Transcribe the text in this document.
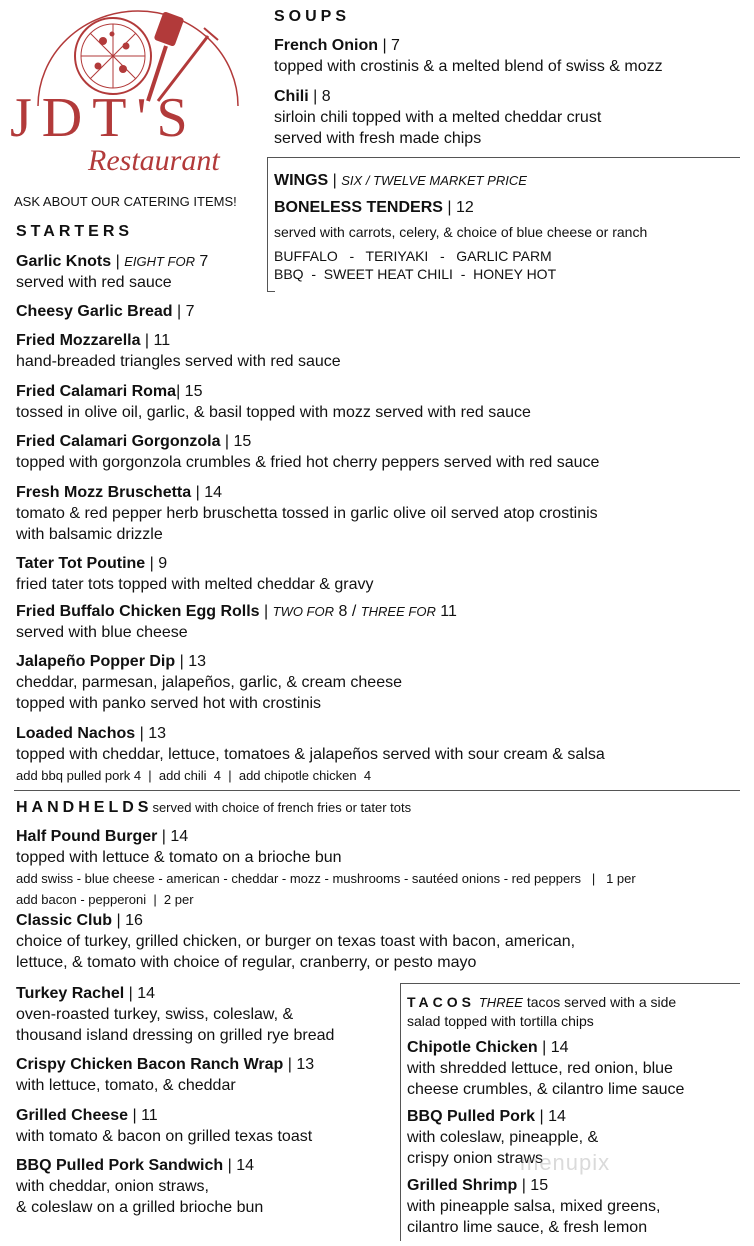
JDT'S
Restaurant
ASK ABOUT OUR CATERING ITEMS!
SOUPS
French Onion | 7
topped with crostinis & a melted blend of swiss & mozz
Chili | 8
sirloin chili topped with a melted cheddar crust
served with fresh made chips
WINGS | SIX / TWELVE MARKET PRICE
BONELESS TENDERS | 12
served with carrots, celery, & choice of blue cheese or ranch
BUFFALO   -   TERIYAKI   -   GARLIC PARM
BBQ  -  SWEET HEAT CHILI  -  HONEY HOT
STARTERS
Garlic Knots | EIGHT FOR 7
served with red sauce
Cheesy Garlic Bread | 7
Fried Mozzarella | 11
hand-breaded triangles served with red sauce
Fried Calamari Roma| 15
tossed in olive oil, garlic, & basil topped with mozz served with red sauce
Fried Calamari Gorgonzola | 15
topped with gorgonzola crumbles & fried hot cherry peppers served with red sauce
Fresh Mozz Bruschetta | 14
tomato & red pepper herb bruschetta tossed in garlic olive oil served atop crostinis
with balsamic drizzle
Tater Tot Poutine | 9
fried tater tots topped with melted cheddar & gravy
Fried Buffalo Chicken Egg Rolls | TWO FOR 8 / THREE FOR 11
served with blue cheese
Jalapeño Popper Dip | 13
cheddar, parmesan, jalapeños, garlic, & cream cheese
topped with panko served hot with crostinis
Loaded Nachos | 13
topped with cheddar, lettuce, tomatoes & jalapeños served with sour cream & salsa
add bbq pulled pork 4  |  add chili  4  |  add chipotle chicken  4
HANDHELDSserved with choice of french fries or tater tots
Half Pound Burger | 14
topped with lettuce & tomato on a brioche bun
add swiss - blue cheese - american - cheddar - mozz - mushrooms - sautéed onions - red peppers   |   1 per
add bacon - pepperoni  |  2 per
Classic Club | 16
choice of turkey, grilled chicken, or burger on texas toast with bacon, american,
lettuce, & tomato with choice of regular, cranberry, or pesto mayo
Turkey Rachel | 14
oven-roasted turkey, swiss, coleslaw, &
thousand island dressing on grilled rye bread
Crispy Chicken Bacon Ranch Wrap | 13
with lettuce, tomato, & cheddar
Grilled Cheese | 11
with tomato & bacon on grilled texas toast
BBQ Pulled Pork Sandwich | 14
with cheddar, onion straws,
& coleslaw on a grilled brioche bun
TACOS THREE tacos served with a side
salad topped with tortilla chips
Chipotle Chicken | 14
with shredded lettuce, red onion, blue
cheese crumbles, & cilantro lime sauce
BBQ Pulled Pork | 14
with coleslaw, pineapple, &
crispy onion straws
Grilled Shrimp | 15
with pineapple salsa, mixed greens,
cilantro lime sauce, & fresh lemon
menupix
